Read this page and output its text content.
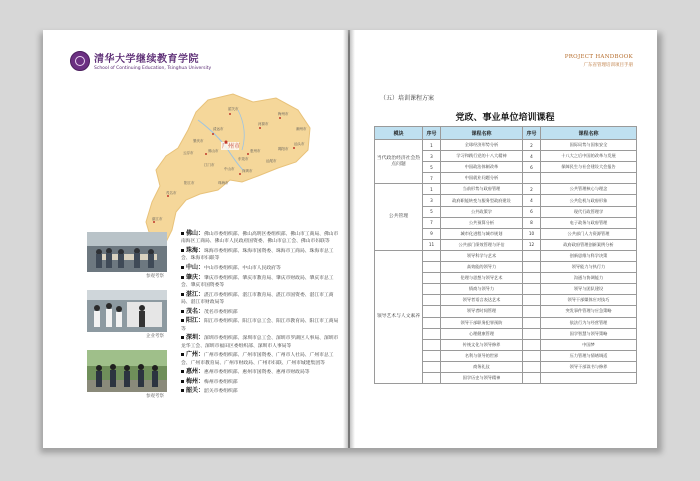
清华大学继续教育学院
School of Continuing Education, Tsinghua University
广州市
清远市
韶关市
河源市
梅州市
潮州市
汕头市
揭阳市
汕尾市
惠州市
东莞市
深圳市
佛山市
肇庆市
云浮市
江门市
中山市
珠海市
阳江市
茂名市
湛江市
参观考察
企业考察
参观考察
佛山：佛山市委组织部、佛山高明区委组织部、佛山市工商局、佛山市南海区工商局、佛山市人民政府国资委、佛山市总工会、佛山市妇联等
珠海：珠海市委组织部、珠海市国资委、珠海市工商局、珠海市总工会、珠海市妇联等
中山：中山市委组织部、中山市人民政府等
肇庆：肇庆市委组织部、肇庆市教育局、肇庆市财政局、肇庆市总工会、肇庆市国资委等
湛江：湛江市委组织部、湛江市教育局、湛江市国资委、湛江市工商局、湛江市财政局等
茂名：茂名市委组织部
阳江：阳江市委组织部、阳江市总工会、阳江市教育局、阳江市工商局等
深圳：深圳市委组织部、深圳市总工会、深圳市罗湖区人事局、深圳市龙华工会、深圳市福田区委组织部、深圳市人事局等
广州：广州市委组织部、广州市国资委、广州市人社局、广州市总工会、广州市教育局、广州市财政局、广州市妇联、广州市城建集团等
惠州：惠州市委组织部、惠州市国资委、惠州市财政局等
梅州：梅州市委组织部
韶关：韶关市委组织部
PROJECT HANDBOOK
广东省管理培训项目手册
（五）培训课程方案
党政、事业单位培训课程
模块	序号	课程名称	序号	课程名称
当代政治经济社会热点问题	1	全球经济形势分析	2	国际局势与国家安全
	3	学习和践行党的十八大精神	4	十八大之后中国的改革与发展
	5	中国政治体制改革	6	保障民生与社会建设大会报告
	7	中国就业问题分析		
公共管理	1	当前形势与政府管理	2	公共管理核心与理念
	3	政府职能转变与服务型政府建设	4	公共危机与政府形象
	5	公共政策学	6	现代行政管理学
	7	公共预算分析	8	电子政务与政府管理
	9	城市化进程与城市规划	10	公共部门人力资源管理
	11	公共部门绩效管理与评估	12	政府政府管理创新案例分析
领导艺术与人文素养		领导科学与艺术		创新思维与科学决策
		高效能的领导力		领导能力与执行力
		伦理与思想与领导艺术		沟通与协调能力
		情商与领导力		领导与团队建设
		领导者语言表达艺术		领导干部媒体应对技巧
		领导者时间管理		突发事件管理与应急策略
		领导干部职务犯罪预防		依法行为与经营管理
		心理健康管理		国学智慧与领导策略
		传统文化与领导修养		中国梦
		名利与领导的世界		压力管理与情绪调适
		商务礼仪		领导干部读书与修养
		国学历史与领导精神		
